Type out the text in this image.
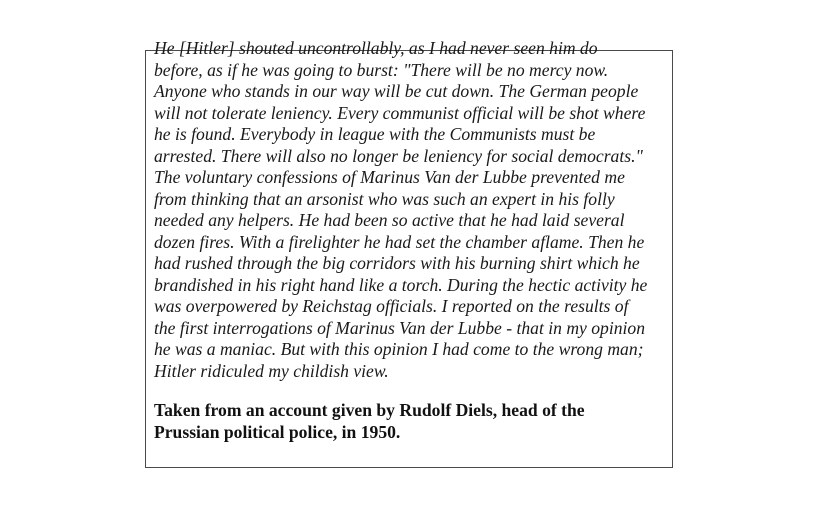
He [Hitler] shouted uncontrollably, as I had never seen him do
before, as if he was going to burst: "There will be no mercy now.
Anyone who stands in our way will be cut down. The German people
will not tolerate leniency. Every communist official will be shot where
he is found. Everybody in league with the Communists must be
arrested. There will also no longer be leniency for social democrats."
The voluntary confessions of Marinus Van der Lubbe prevented me
from thinking that an arsonist who was such an expert in his folly
needed any helpers. He had been so active that he had laid several
dozen fires. With a firelighter he had set the chamber aflame. Then he
had rushed through the big corridors with his burning shirt which he
brandished in his right hand like a torch. During the hectic activity he
was overpowered by Reichstag officials. I reported on the results of
the first interrogations of Marinus Van der Lubbe - that in my opinion
he was a maniac. But with this opinion I had come to the wrong man;
Hitler ridiculed my childish view.

Taken from an account given by Rudolf Diels, head of the
Prussian political police, in 1950.
